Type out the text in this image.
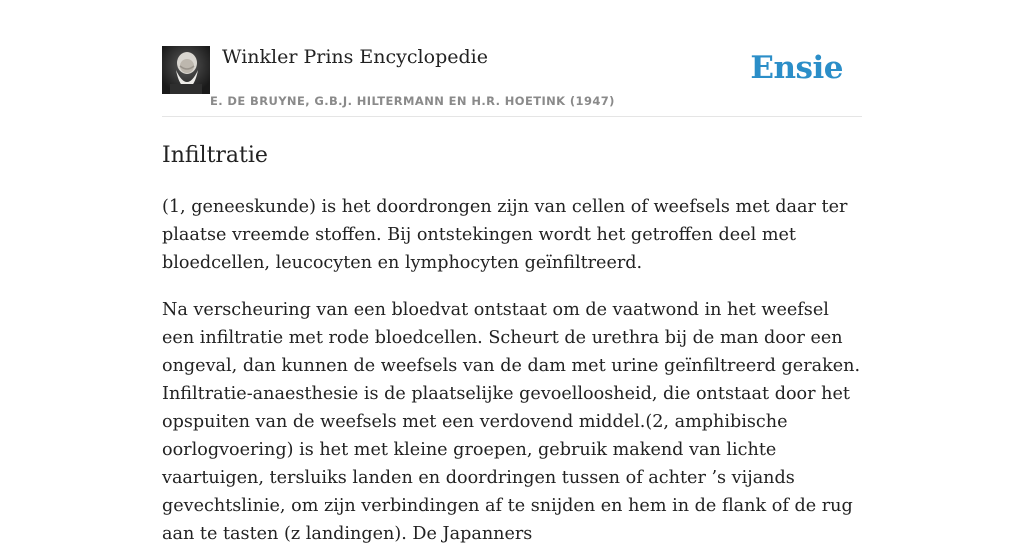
Winkler Prins Encyclopedie
E. DE BRUYNE, G.B.J. HILTERMANN EN H.R. HOETINK (1947)
Ensie
Infiltratie

(1, geneeskunde) is het doordrongen zijn van cellen of weefsels met daar ter plaatse vreemde stoffen. Bij ontstekingen wordt het getroffen deel met bloedcellen, leucocyten en lymphocyten geïnfiltreerd.

Na verscheuring van een bloedvat ontstaat om de vaatwond in het weefsel een infiltratie met rode bloedcellen. Scheurt de urethra bij de man door een ongeval, dan kunnen de weefsels van de dam met urine geïnfiltreerd geraken. Infiltratie-anaesthesie is de plaatselijke gevoelloosheid, die ontstaat door het opspuiten van de weefsels met een verdovend middel.(2, amphibische oorlogvoering) is het met kleine groepen, gebruik makend van lichte vaartuigen, tersluiks landen en doordringen tussen of achter ’s vijands gevechtslinie, om zijn verbindingen af te snijden en hem in de flank of de rug aan te tasten (z landingen). De Japanners
